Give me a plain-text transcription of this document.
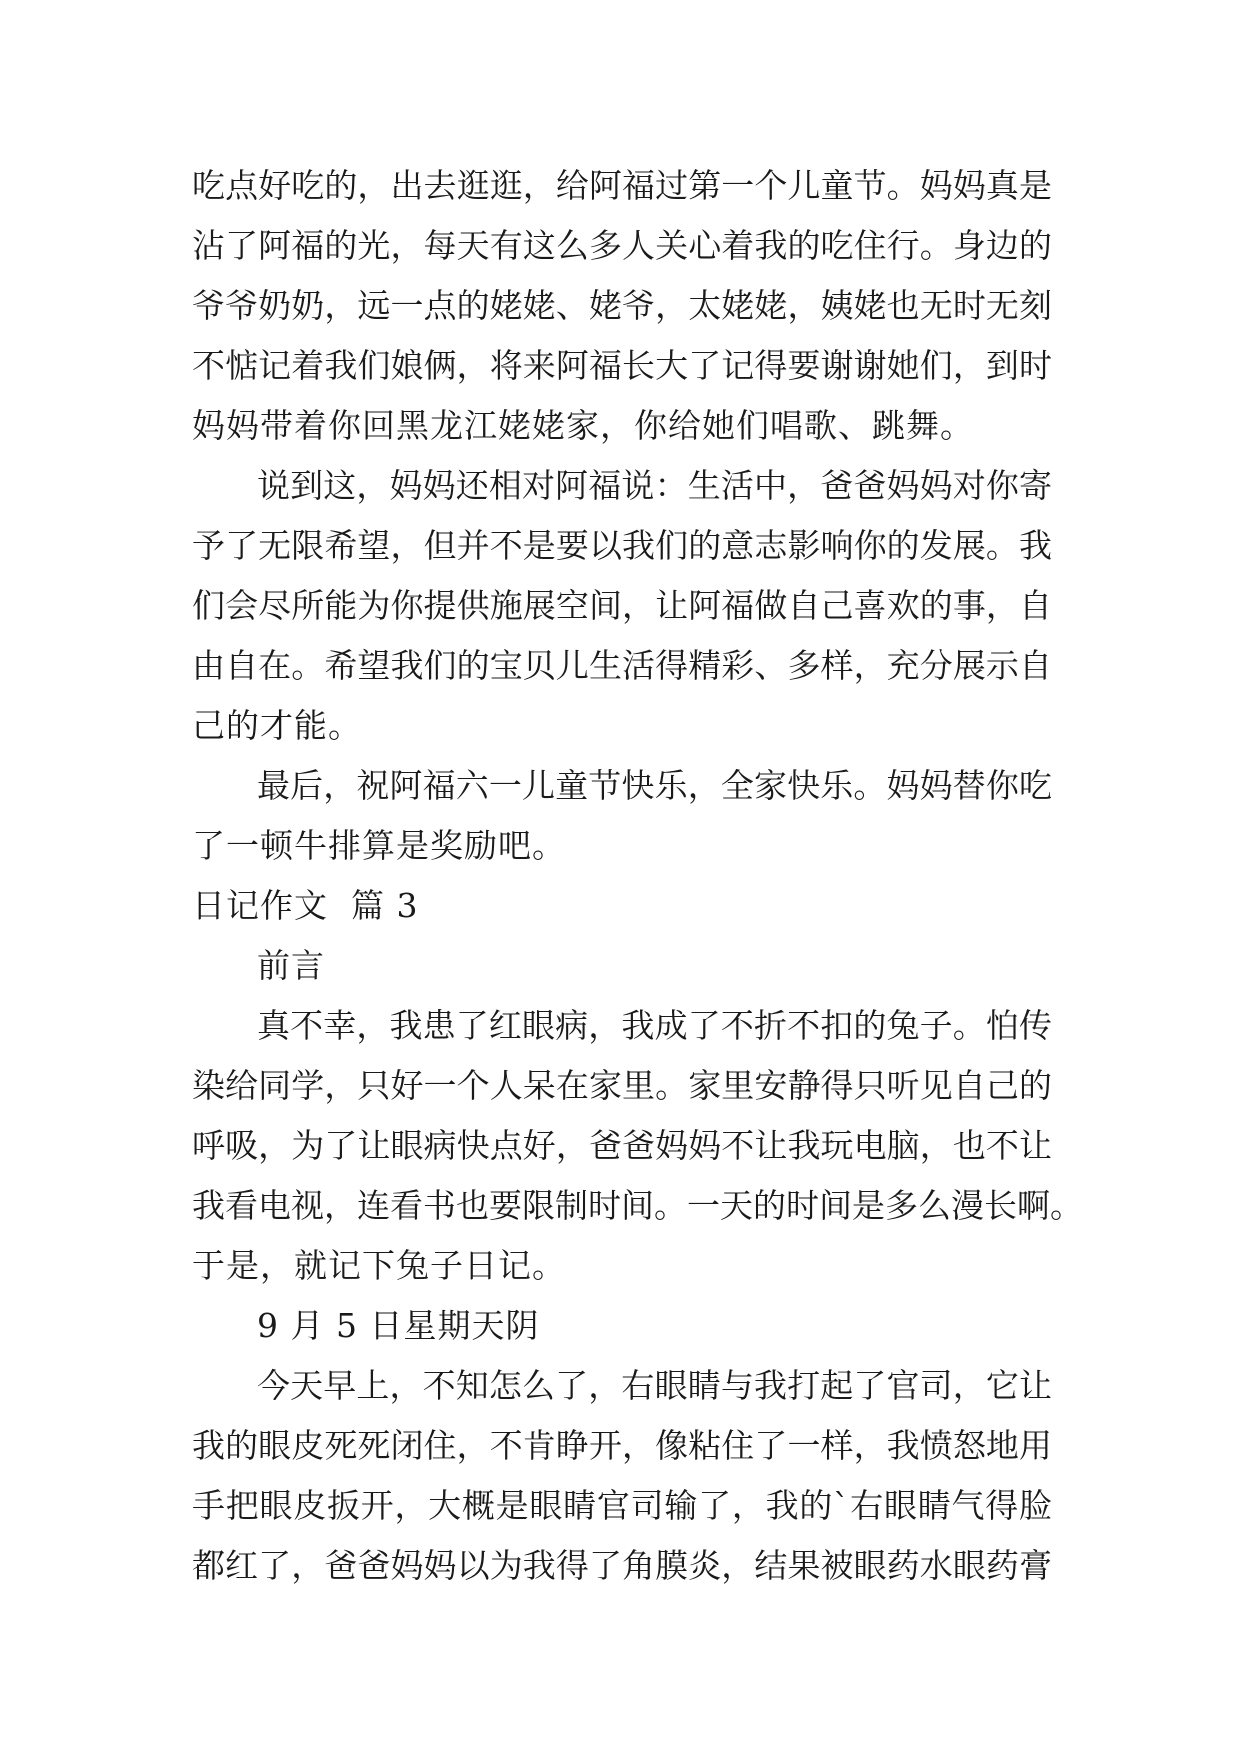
吃点好吃的，出去逛逛，给阿福过第一个儿童节。妈妈真是
沾了阿福的光，每天有这么多人关心着我的吃住行。身边的
爷爷奶奶，远一点的姥姥、姥爷，太姥姥，姨姥也无时无刻
不惦记着我们娘俩，将来阿福长大了记得要谢谢她们，到时
妈妈带着你回黑龙江姥姥家，你给她们唱歌、跳舞。
说到这，妈妈还相对阿福说：生活中，爸爸妈妈对你寄
予了无限希望，但并不是要以我们的意志影响你的发展。我
们会尽所能为你提供施展空间，让阿福做自己喜欢的事，自
由自在。希望我们的宝贝儿生活得精彩、多样，充分展示自
己的才能。
最后，祝阿福六一儿童节快乐，全家快乐。妈妈替你吃
了一顿牛排算是奖励吧。
日记作文  篇 3
前言
真不幸，我患了红眼病，我成了不折不扣的兔子。怕传
染给同学，只好一个人呆在家里。家里安静得只听见自己的
呼吸，为了让眼病快点好，爸爸妈妈不让我玩电脑，也不让
我看电视，连看书也要限制时间。一天的时间是多么漫长啊。
于是，就记下兔子日记。
9 月 5 日星期天阴
今天早上，不知怎么了，右眼睛与我打起了官司，它让
我的眼皮死死闭住，不肯睁开，像粘住了一样，我愤怒地用
手把眼皮扳开，大概是眼睛官司输了，我的`右眼睛气得脸
都红了，爸爸妈妈以为我得了角膜炎，结果被眼药水眼药膏
